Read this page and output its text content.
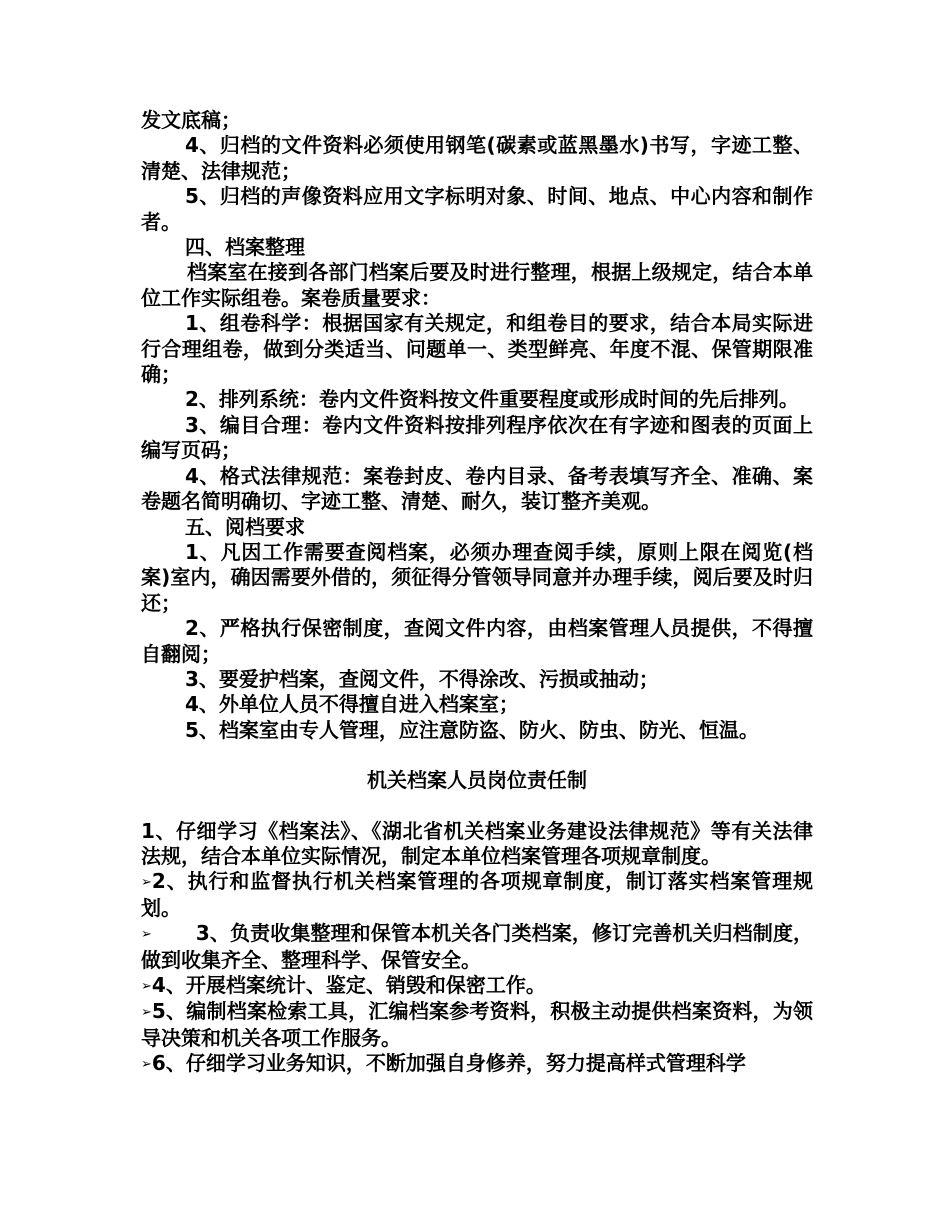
发文底稿；

4、归档的文件资料必须使用钢笔(碳素或蓝黑墨水)书写，字迹工整、清楚、法律规范；

5、归档的声像资料应用文字标明对象、时间、地点、中心内容和制作者。

四、档案整理

档案室在接到各部门档案后要及时进行整理，根据上级规定，结合本单位工作实际组卷。案卷质量要求：

1、组卷科学：根据国家有关规定，和组卷目的要求，结合本局实际进行合理组卷，做到分类适当、问题单一、类型鲜亮、年度不混、保管期限准确；

2、排列系统：卷内文件资料按文件重要程度或形成时间的先后排列。

3、编目合理：卷内文件资料按排列程序依次在有字迹和图表的页面上编写页码；

4、格式法律规范：案卷封皮、卷内目录、备考表填写齐全、准确、案卷题名简明确切、字迹工整、清楚、耐久，装订整齐美观。

五、阅档要求

1、凡因工作需要查阅档案，必须办理查阅手续，原则上限在阅览(档案)室内，确因需要外借的，须征得分管领导同意并办理手续，阅后要及时归还；

2、严格执行保密制度，查阅文件内容，由档案管理人员提供，不得擅自翻阅；

3、要爱护档案，查阅文件，不得涂改、污损或抽动；

4、外单位人员不得擅自进入档案室；

5、档案室由专人管理，应注意防盗、防火、防虫、防光、恒温。

机关档案人员岗位责任制

1、仔细学习《档案法》、《湖北省机关档案业务建设法律规范》等有关法律法规，结合本单位实际情况，制定本单位档案管理各项规章制度。

➢2、执行和监督执行机关档案管理的各项规章制度，制订落实档案管理规划。

➢ 3、负责收集整理和保管本机关各门类档案，修订完善机关归档制度，做到收集齐全、整理科学、保管安全。

➢4、开展档案统计、鉴定、销毁和保密工作。

➢5、编制档案检索工具，汇编档案参考资料，积极主动提供档案资料，为领导决策和机关各项工作服务。

➢6、仔细学习业务知识，不断加强自身修养，努力提高样式管理科学
